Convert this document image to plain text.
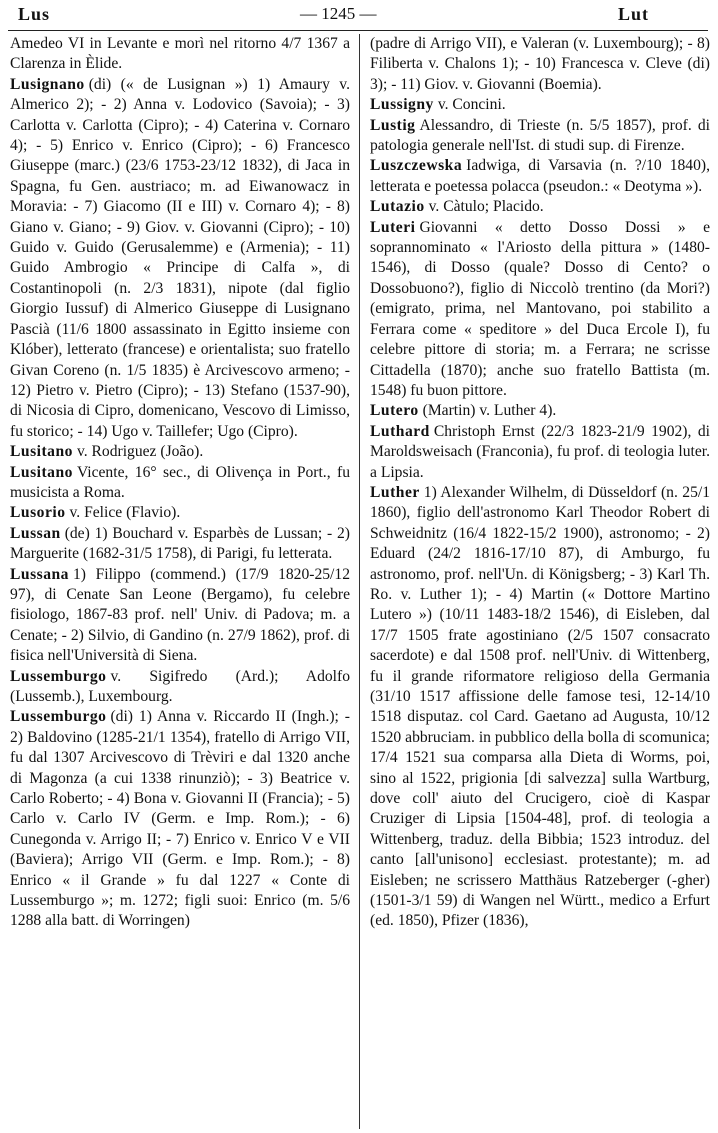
Lus	— 1245 —	Lut

Amedeo VI in Levante e morì nel ritorno 4/7 1367 a Clarenza in Èlide.

Lusignano (di) (« de Lusignan ») 1) Amaury v. Almerico 2); - 2) Anna v. Lodovico (Savoia); - 3) Carlotta v. Carlotta (Cipro); - 4) Caterina v. Cornaro 4); - 5) Enrico v. Enrico (Cipro); - 6) Francesco Giuseppe (marc.) (23/6 1753-23/12 1832), di Jaca in Spagna, fu Gen. austriaco; m. ad Eiwanowacz in Moravia: - 7) Giacomo (II e III) v. Cornaro 4); - 8) Giano v. Giano; - 9) Giov. v. Giovanni (Cipro); - 10) Guido v. Guido (Gerusalemme) e (Armenia); - 11) Guido Ambrogio « Principe di Calfa », di Costantinopoli (n. 2/3 1831), nipote (dal figlio Giorgio Iussuf) di Almerico Giuseppe di Lusignano Pascià (11/6 1800 assassinato in Egitto insieme con Klóber), letterato (francese) e orientalista; suo fratello Givan Coreno (n. 1/5 1835) è Arcivescovo armeno; - 12) Pietro v. Pietro (Cipro); - 13) Stefano (1537-90), di Nicosia di Cipro, domenicano, Vescovo di Limisso, fu storico; - 14) Ugo v. Taillefer; Ugo (Cipro).

Lusitano v. Rodriguez (João).

Lusitano Vicente, 16° sec., di Olivença in Port., fu musicista a Roma.

Lusorio v. Felice (Flavio).

Lussan (de) 1) Bouchard v. Esparbès de Lussan; - 2) Marguerite (1682-31/5 1758), di Parigi, fu letterata.

Lussana 1) Filippo (commend.) (17/9 1820-25/12 97), di Cenate San Leone (Bergamo), fu celebre fisiologo, 1867-83 prof. nell' Univ. di Padova; m. a Cenate; - 2) Silvio, di Gandino (n. 27/9 1862), prof. di fisica nell'Università di Siena.

Lussemburgo v. Sigifredo (Ard.); Adolfo (Lussemb.), Luxembourg.

Lussemburgo (di) 1) Anna v. Riccardo II (Ingh.); - 2) Baldovino (1285-21/1 1354), fratello di Arrigo VII, fu dal 1307 Arcivescovo di Trèviri e dal 1320 anche di Magonza (a cui 1338 rinunziò); - 3) Beatrice v. Carlo Roberto; - 4) Bona v. Giovanni II (Francia); - 5) Carlo v. Carlo IV (Germ. e Imp. Rom.); - 6) Cunegonda v. Arrigo II; - 7) Enrico v. Enrico V e VII (Baviera); Arrigo VII (Germ. e Imp. Rom.); - 8) Enrico « il Grande » fu dal 1227 « Conte di Lussemburgo »; m. 1272; figli suoi: Enrico (m. 5/6 1288 alla batt. di Worringen)

(padre di Arrigo VII), e Valeran (v. Luxembourg); - 8) Filiberta v. Chalons 1); - 10) Francesca v. Cleve (di) 3); - 11) Giov. v. Giovanni (Boemia).

Lussigny v. Concini.

Lustig Alessandro, di Trieste (n. 5/5 1857), prof. di patologia generale nell'Ist. di studi sup. di Firenze.

Luszczewska Iadwiga, di Varsavia (n. ?/10 1840), letterata e poetessa polacca (pseudon.: « Deotyma »).

Lutazio v. Càtulo; Placido.

Luteri Giovanni « detto Dosso Dossi » e soprannominato « l'Ariosto della pittura » (1480-1546), di Dosso (quale? Dosso di Cento? o Dossobuono?), figlio di Niccolò trentino (da Mori?) (emigrato, prima, nel Mantovano, poi stabilito a Ferrara come « speditore » del Duca Ercole I), fu celebre pittore di storia; m. a Ferrara; ne scrisse Cittadella (1870); anche suo fratello Battista (m. 1548) fu buon pittore.

Lutero (Martin) v. Luther 4).

Luthard Christoph Ernst (22/3 1823-21/9 1902), di Maroldsweisach (Franconia), fu prof. di teologia luter. a Lipsia.

Luther 1) Alexander Wilhelm, di Düsseldorf (n. 25/1 1860), figlio dell'astronomo Karl Theodor Robert di Schweidnitz (16/4 1822-15/2 1900), astronomo; - 2) Eduard (24/2 1816-17/10 87), di Amburgo, fu astronomo, prof. nell'Un. di Königsberg; - 3) Karl Th. Ro. v. Luther 1); - 4) Martin (« Dottore Martino Lutero ») (10/11 1483-18/2 1546), di Eisleben, dal 17/7 1505 frate agostiniano (2/5 1507 consacrato sacerdote) e dal 1508 prof. nell'Univ. di Wittenberg, fu il grande riformatore religioso della Germania (31/10 1517 affissione delle famose tesi, 12-14/10 1518 disputaz. col Card. Gaetano ad Augusta, 10/12 1520 abbruciam. in pubblico della bolla di scomunica; 17/4 1521 sua comparsa alla Dieta di Worms, poi, sino al 1522, prigionia [di salvezza] sulla Wartburg, dove coll' aiuto del Crucigero, cioè di Kaspar Cruziger di Lipsia [1504-48], prof. di teologia a Wittenberg, traduz. della Bibbia; 1523 introduz. del canto [all'unisono] ecclesiast. protestante); m. ad Eisleben; ne scrissero Matthäus Ratzeberger (-gher) (1501-3/1 59) di Wangen nel Württ., medico a Erfurt (ed. 1850), Pfizer (1836),
